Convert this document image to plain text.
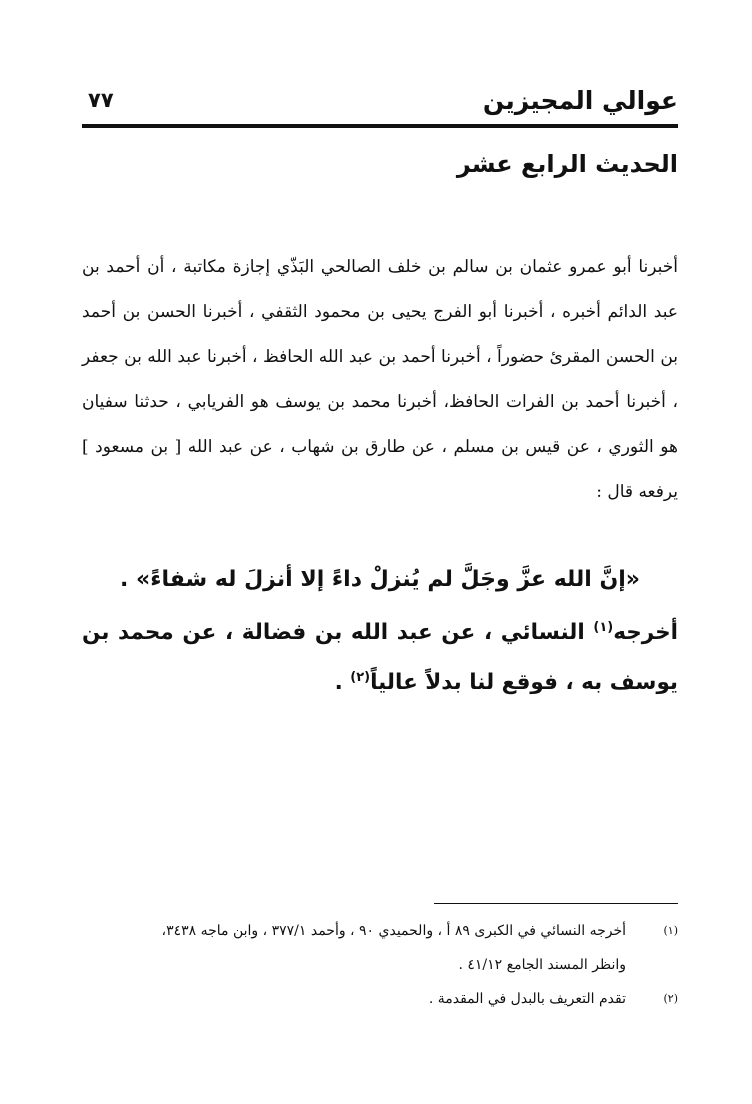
عوالي المجيزين
٧٧
الحديث الرابع عشر

أخبرنا أبو عمرو عثمان بن سالم بن خلف الصالحي البَذّي إجازة مكاتبة ، أن أحمد بن عبد الدائم أخبره ، أخبرنا أبو الفرج يحيى بن محمود الثقفي ، أخبرنا الحسن بن أحمد بن الحسن المقرئ حضوراً ، أخبرنا أحمد بن عبد الله الحافظ ، أخبرنا عبد الله بن جعفر ، أخبرنا أحمد بن الفرات الحافظ، أخبرنا محمد بن يوسف هو الفريابي ، حدثنا سفيان هو الثوري ، عن قيس بن مسلم ، عن طارق بن شهاب ، عن عبد الله [ بن مسعود ] يرفعه قال :

«إنَّ الله عزَّ وجَلَّ لم يُنزلْ داءً إلا أنزلَ له شفاءً» .

أخرجه$^{(١)}$ النسائي ، عن عبد الله بن فضالة ، عن محمد بن يوسف به ، فوقع لنا بدلاً عالياً$^{(٢)}$ .

(١)
أخرجه النسائي في الكبرى ٨٩ أ ، والحميدي ٩٠ ، وأحمد ٣٧٧/١ ، وابن ماجه ٣٤٣٨،
وانظر المسند الجامع ٤١/١٢ .
(٢)
تقدم التعريف بالبدل في المقدمة .
